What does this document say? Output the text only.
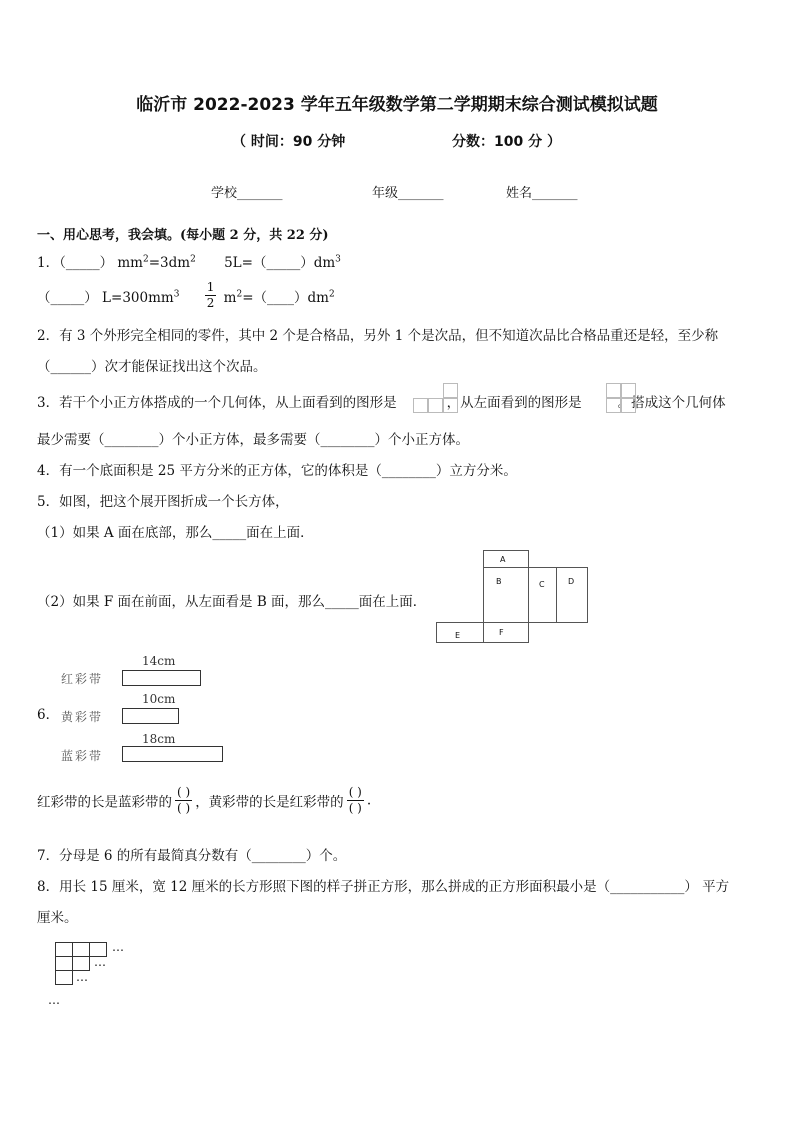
临沂市 2022-2023 学年五年级数学第二学期期末综合测试模拟试题
（ 时间：90 分钟	分数：100 分 ）
学校_______	年级_______	姓名_______
一、用心思考，我会填。(每小题 2 分，共 22 分)
1．（_____） $mm^2=3dm^2$ $5L=(\_\_\_\_\_)dm^3$
（_____） $L=300mm^3 \frac{1}{2}$ $m^2=(\_\_\_\_)dm^2$
2．有 3 个外形完全相同的零件，其中 2 个是合格品，另外 1 个是次品，但不知道次品比合格品重还是轻，至少称
（______）次才能保证找出这个次品。
3．若干个小正方体搭成的一个几何体，从上面看到的图形是	，从左面看到的图形是	。搭成这个几何体
最少需要（________）个小正方体，最多需要（________）个小正方体。
4．有一个底面积是 25 平方分米的正方体，它的体积是（________）立方分米。
5．如图，把这个展开图折成一个长方体，
（1）如果 A 面在底部，那么_____面在上面．
（2）如果 F 面在前面，从左面看是 B 面，那么_____面在上面．
A
B	C	D
E	F
6．
14cm
红彩带
10cm
黄彩带
18cm
蓝彩带
红彩带的长是蓝彩带的 $\frac{( )}{( )}$ ，黄彩带的长是红彩带的 $\frac{( )}{( )}$ .
7．分母是 6 的所有最简真分数有（________）个。
8．用长 15 厘米，宽 12 厘米的长方形照下图的样子拼正方形，那么拼成的正方形面积最小是（___________） 平方
厘米。
…
…
…
…
